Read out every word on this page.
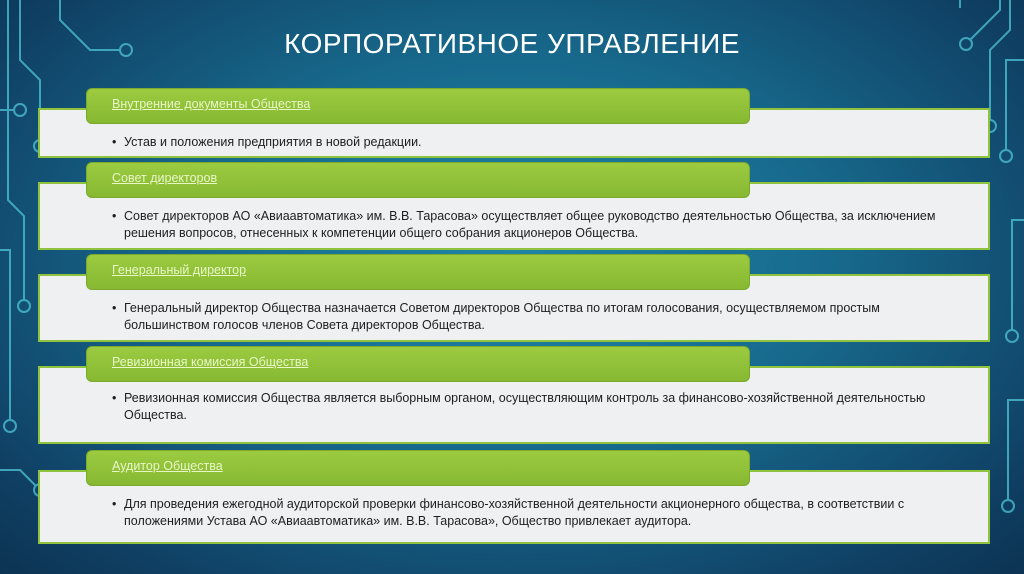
КОРПОРАТИВНОЕ УПРАВЛЕНИЕ
• Устав и положения предприятия в новой редакции.
Внутренние документы Общества
• Совет директоров АО «Авиаавтоматика» им. В.В. Тарасова» осуществляет общее руководство деятельностью Общества, за исключением решения вопросов, отнесенных к компетенции общего собрания акционеров Общества.
Совет директоров
• Генеральный директор Общества назначается Советом директоров Общества по итогам голосования, осуществляемом простым большинством голосов членов Совета директоров Общества.
Генеральный директор
• Ревизионная комиссия Общества является выборным органом, осуществляющим контроль за финансово-хозяйственной деятельностью Общества.
Ревизионная комиссия Общества
• Для проведения ежегодной аудиторской проверки финансово-хозяйственной деятельности акционерного общества, в соответствии с положениями Устава АО «Авиаавтоматика» им. В.В. Тарасова», Общество привлекает аудитора.
Аудитор Общества
